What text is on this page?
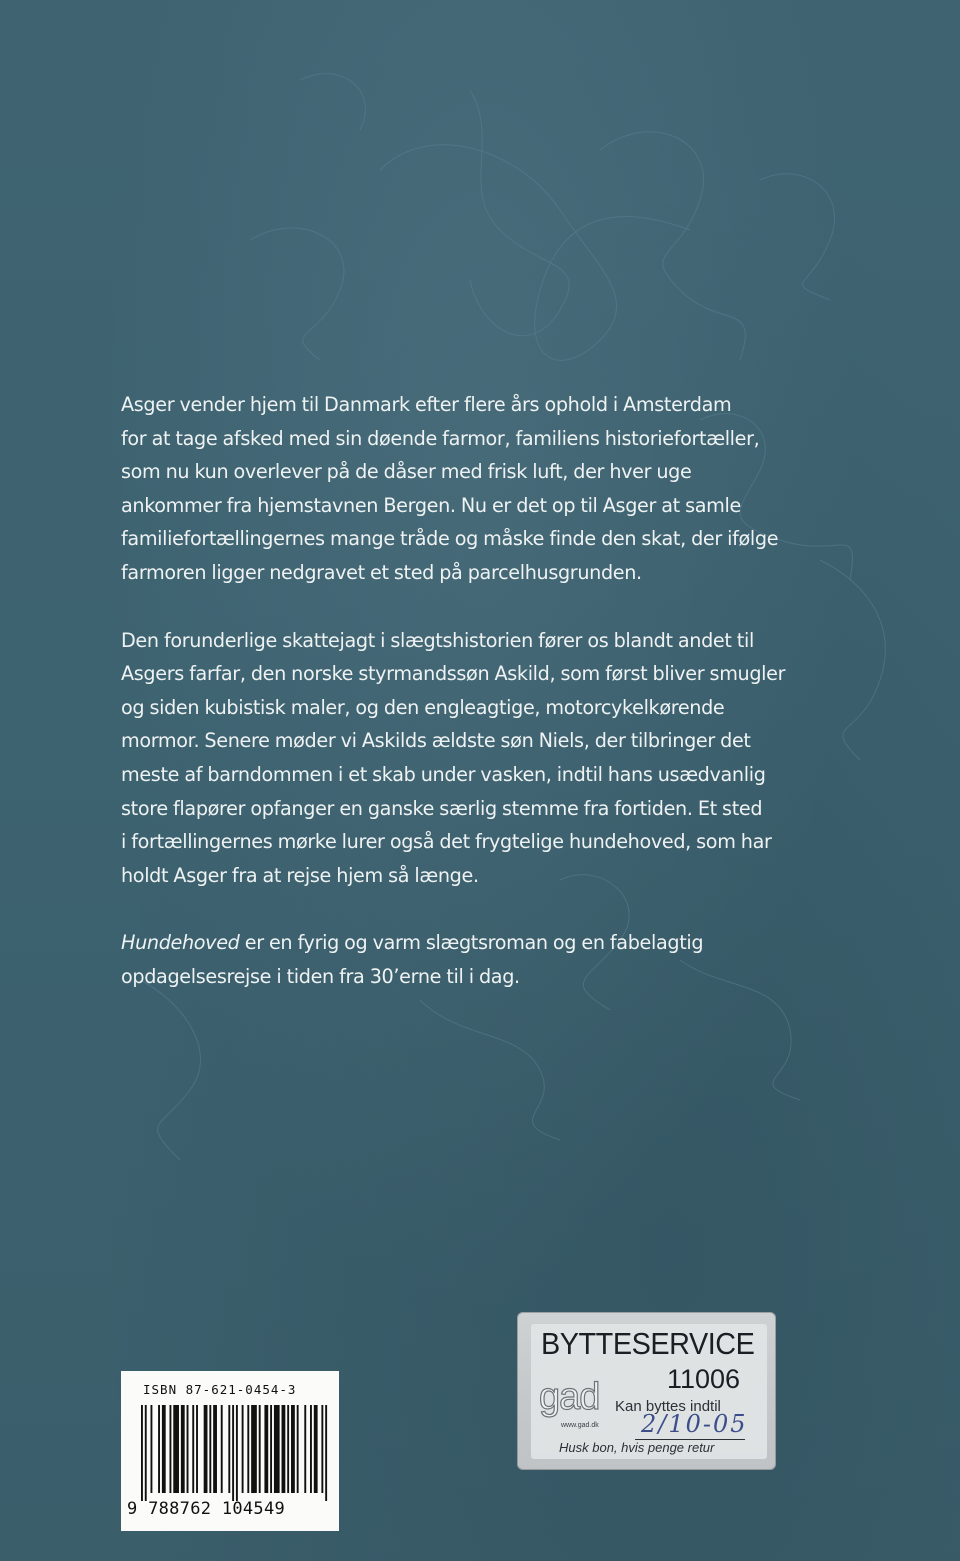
Asger vender hjem til Danmark efter flere års ophold i Amsterdam
for at tage afsked med sin døende farmor, familiens historiefortæller,
som nu kun overlever på de dåser med frisk luft, der hver uge
ankommer fra hjemstavnen Bergen. Nu er det op til Asger at samle
familiefortællingernes mange tråde og måske finde den skat, der ifølge
farmoren ligger nedgravet et sted på parcelhusgrunden.

Den forunderlige skattejagt i slægtshistorien fører os blandt andet til
Asgers farfar, den norske styrmandssøn Askild, som først bliver smugler
og siden kubistisk maler, og den engleagtige, motorcykelkørende
mormor. Senere møder vi Askilds ældste søn Niels, der tilbringer det
meste af barndommen i et skab under vasken, indtil hans usædvanlig
store flapører opfanger en ganske særlig stemme fra fortiden. Et sted
i fortællingernes mørke lurer også det frygtelige hundehoved, som har
holdt Asger fra at rejse hjem så længe.

Hundehoved er en fyrig og varm slægtsroman og en fabelagtig
opdagelsesrejse i tiden fra 30’erne til i dag.

ISBN 87-621-0454-3
9 788762 104549
BYTTESERVICE
11006
gad
www.gad.dk
Kan byttes indtil
2/10-05
Husk bon, hvis penge retur
